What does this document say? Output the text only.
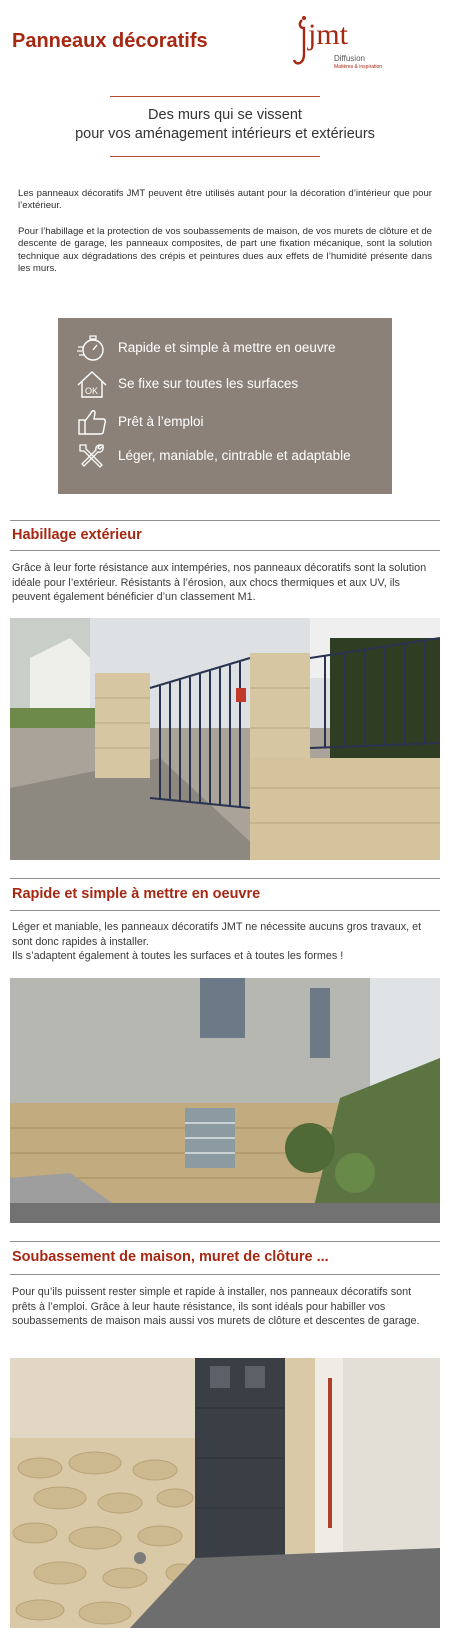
Panneaux décoratifs	jmt
Diffusion
Matières & inspiration
Des murs qui se vissent
pour vos aménagement intérieurs et extérieurs

Les panneaux décoratifs JMT peuvent être utilisés autant pour la décoration d’intérieur que pour l’extérieur.

Pour l’habillage et la protection de vos soubassements de maison, de vos murets de clôture et de descente de garage, les panneaux composites, de part une fixation mécanique, sont la solution technique aux dégradations des crépis et peintures dues aux effets de l’humidité présente dans les murs.

Rapide et simple à mettre en oeuvre
OK Se fixe sur toutes les surfaces
Prêt à l’emploi
Léger, maniable, cintrable et adaptable
Habillage extérieur

Grâce à leur forte résistance aux intempéries, nos panneaux décoratifs sont la solution idéale pour l’extérieur. Résistants à l’érosion, aux chocs thermiques et aux UV, ils peuvent également bénéficier d’un classement M1.

Rapide et simple à mettre en oeuvre

Léger et maniable, les panneaux décoratifs JMT ne nécessite aucuns gros travaux, et sont donc rapides à installer.

Ils s’adaptent également à toutes les surfaces et à toutes les formes !

Soubassement de maison, muret de clôture ...

Pour qu’ils puissent rester simple et rapide à installer, nos panneaux décoratifs sont prêts à l’emploi. Grâce à leur haute résistance, ils sont idéals pour habiller vos soubassements de maison mais aussi vos murets de clôture et descentes de garage.
